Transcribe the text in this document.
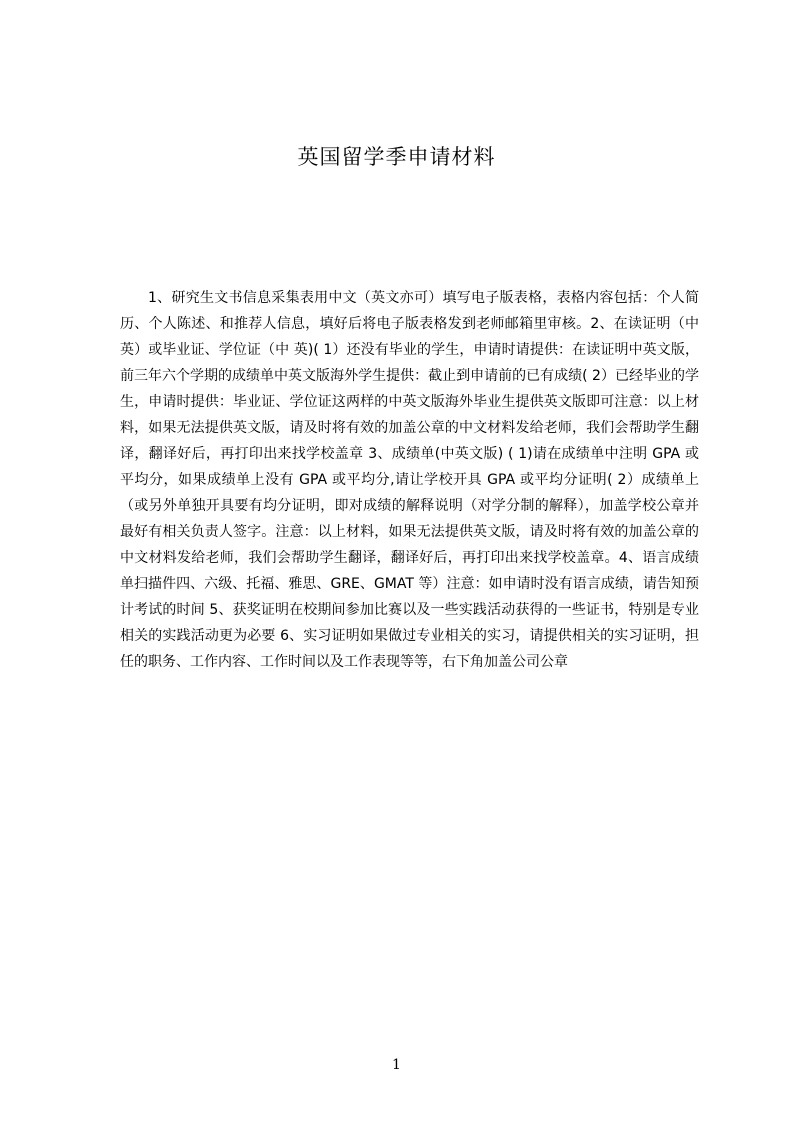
英国留学季申请材料

1、研究生文书信息采集表用中文（英文亦可）填写电子版表格，表格内容包括：个人简历、个人陈述、和推荐人信息，填好后将电子版表格发到老师邮箱里审核。2、在读证明（中 英）或毕业证、学位证（中 英)( 1）还没有毕业的学生，申请时请提供：在读证明中英文版，前三年六个学期的成绩单中英文版海外学生提供：截止到申请前的已有成绩( 2）已经毕业的学生，申请时提供：毕业证、学位证这两样的中英文版海外毕业生提供英文版即可注意：以上材料，如果无法提供英文版，请及时将有效的加盖公章的中文材料发给老师，我们会帮助学生翻译，翻译好后，再打印出来找学校盖章 3、成绩单(中英文版) ( 1)请在成绩单中注明 GPA 或平均分，如果成绩单上没有 GPA 或平均分,请让学校开具 GPA 或平均分证明( 2）成绩单上（或另外单独开具要有均分证明，即对成绩的解释说明（对学分制的解释），加盖学校公章并最好有相关负责人签字。注意：以上材料，如果无法提供英文版，请及时将有效的加盖公章的中文材料发给老师，我们会帮助学生翻译，翻译好后，再打印出来找学校盖章。4、语言成绩单扫描件四、六级、托福、雅思、GRE、GMAT 等）注意：如申请时没有语言成绩，请告知预计考试的时间 5、获奖证明在校期间参加比赛以及一些实践活动获得的一些证书，特别是专业相关的实践活动更为必要 6、实习证明如果做过专业相关的实习，请提供相关的实习证明，担任的职务、工作内容、工作时间以及工作表现等等，右下角加盖公司公章

1
